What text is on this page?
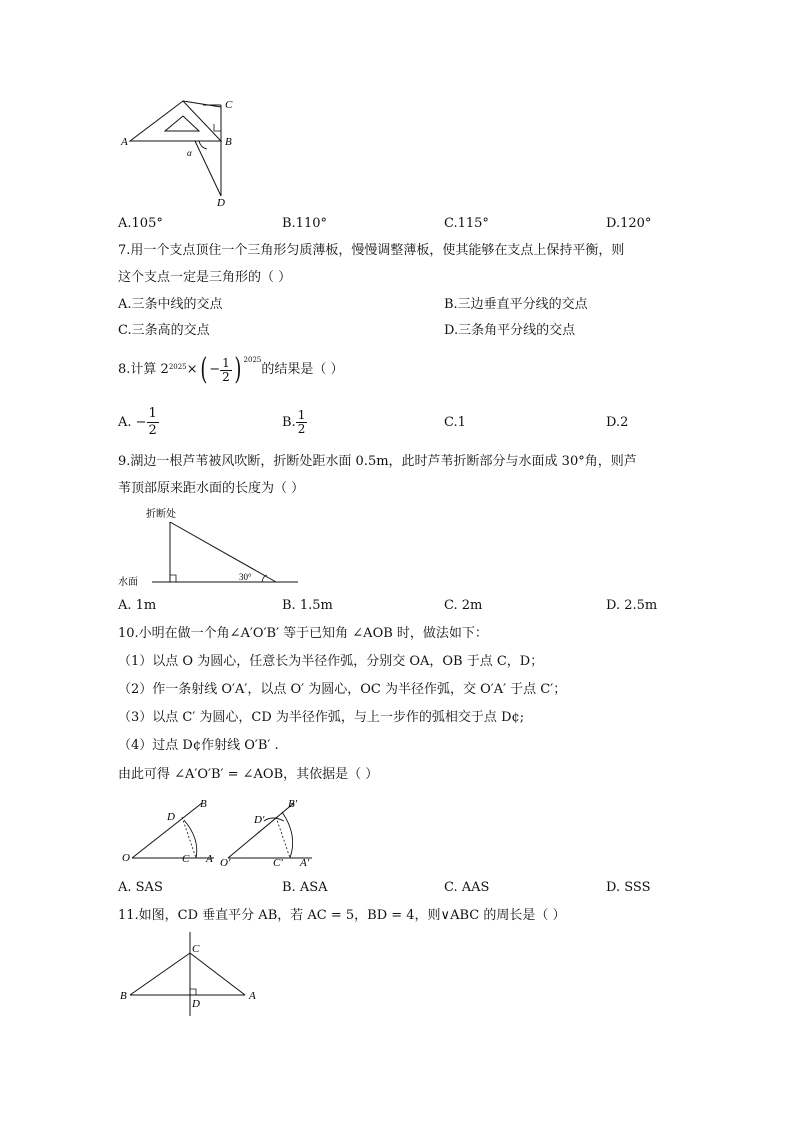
A	B
C
D
α
A.105°	B.110°	C.115°	D.120°
7.用一个支点顶住一个三角形匀质薄板，慢慢调整薄板，使其能够在支点上保持平衡，则
这个支点一定是三角形的（ ）
A.三条中线的交点	B.三边垂直平分线的交点
C.三条高的交点	D.三条角平分线的交点
8.计算 $2^{2025}$ × ( − $\frac{1}{2}$ ) $^{2025}$
的结果是（ ）
A. − $\frac{1}{2}$	B. $\frac{1}{2}$	C.1	D.2
9.湖边一根芦苇被风吹断，折断处距水面 0.5m，此时芦苇折断部分与水面成 30°角，则芦
苇顶部原来距水面的长度为（ ）
折断处
水面	30°
A. 1m	B. 1.5m	C. 2m	D. 2.5m
10.小明在做一个角∠A′O′B′ 等于已知角 ∠AOB 时，做法如下：
（1）以点 O 为圆心，任意长为半径作弧，分别交 OA，OB 于点 C，D；
（2）作一条射线 O′A′，以点 O′ 为圆心，OC 为半径作弧，交 O′A′ 于点 C′；
（3）以点 C′ 为圆心，CD 为半径作弧，与上一步作的弧相交于点 D¢;
（4）过点 D¢作射线 O′B′ .
由此可得 ∠A′O′B′ = ∠AOB，其依据是（ ）
O	A
B
C
D
O′	A′
B′
C′
D′
A. SAS	B. ASA	C. AAS	D. SSS
11.如图，CD 垂直平分 AB，若 AC = 5，BD = 4，则∨ABC 的周长是（ ）
B	A
C
D
